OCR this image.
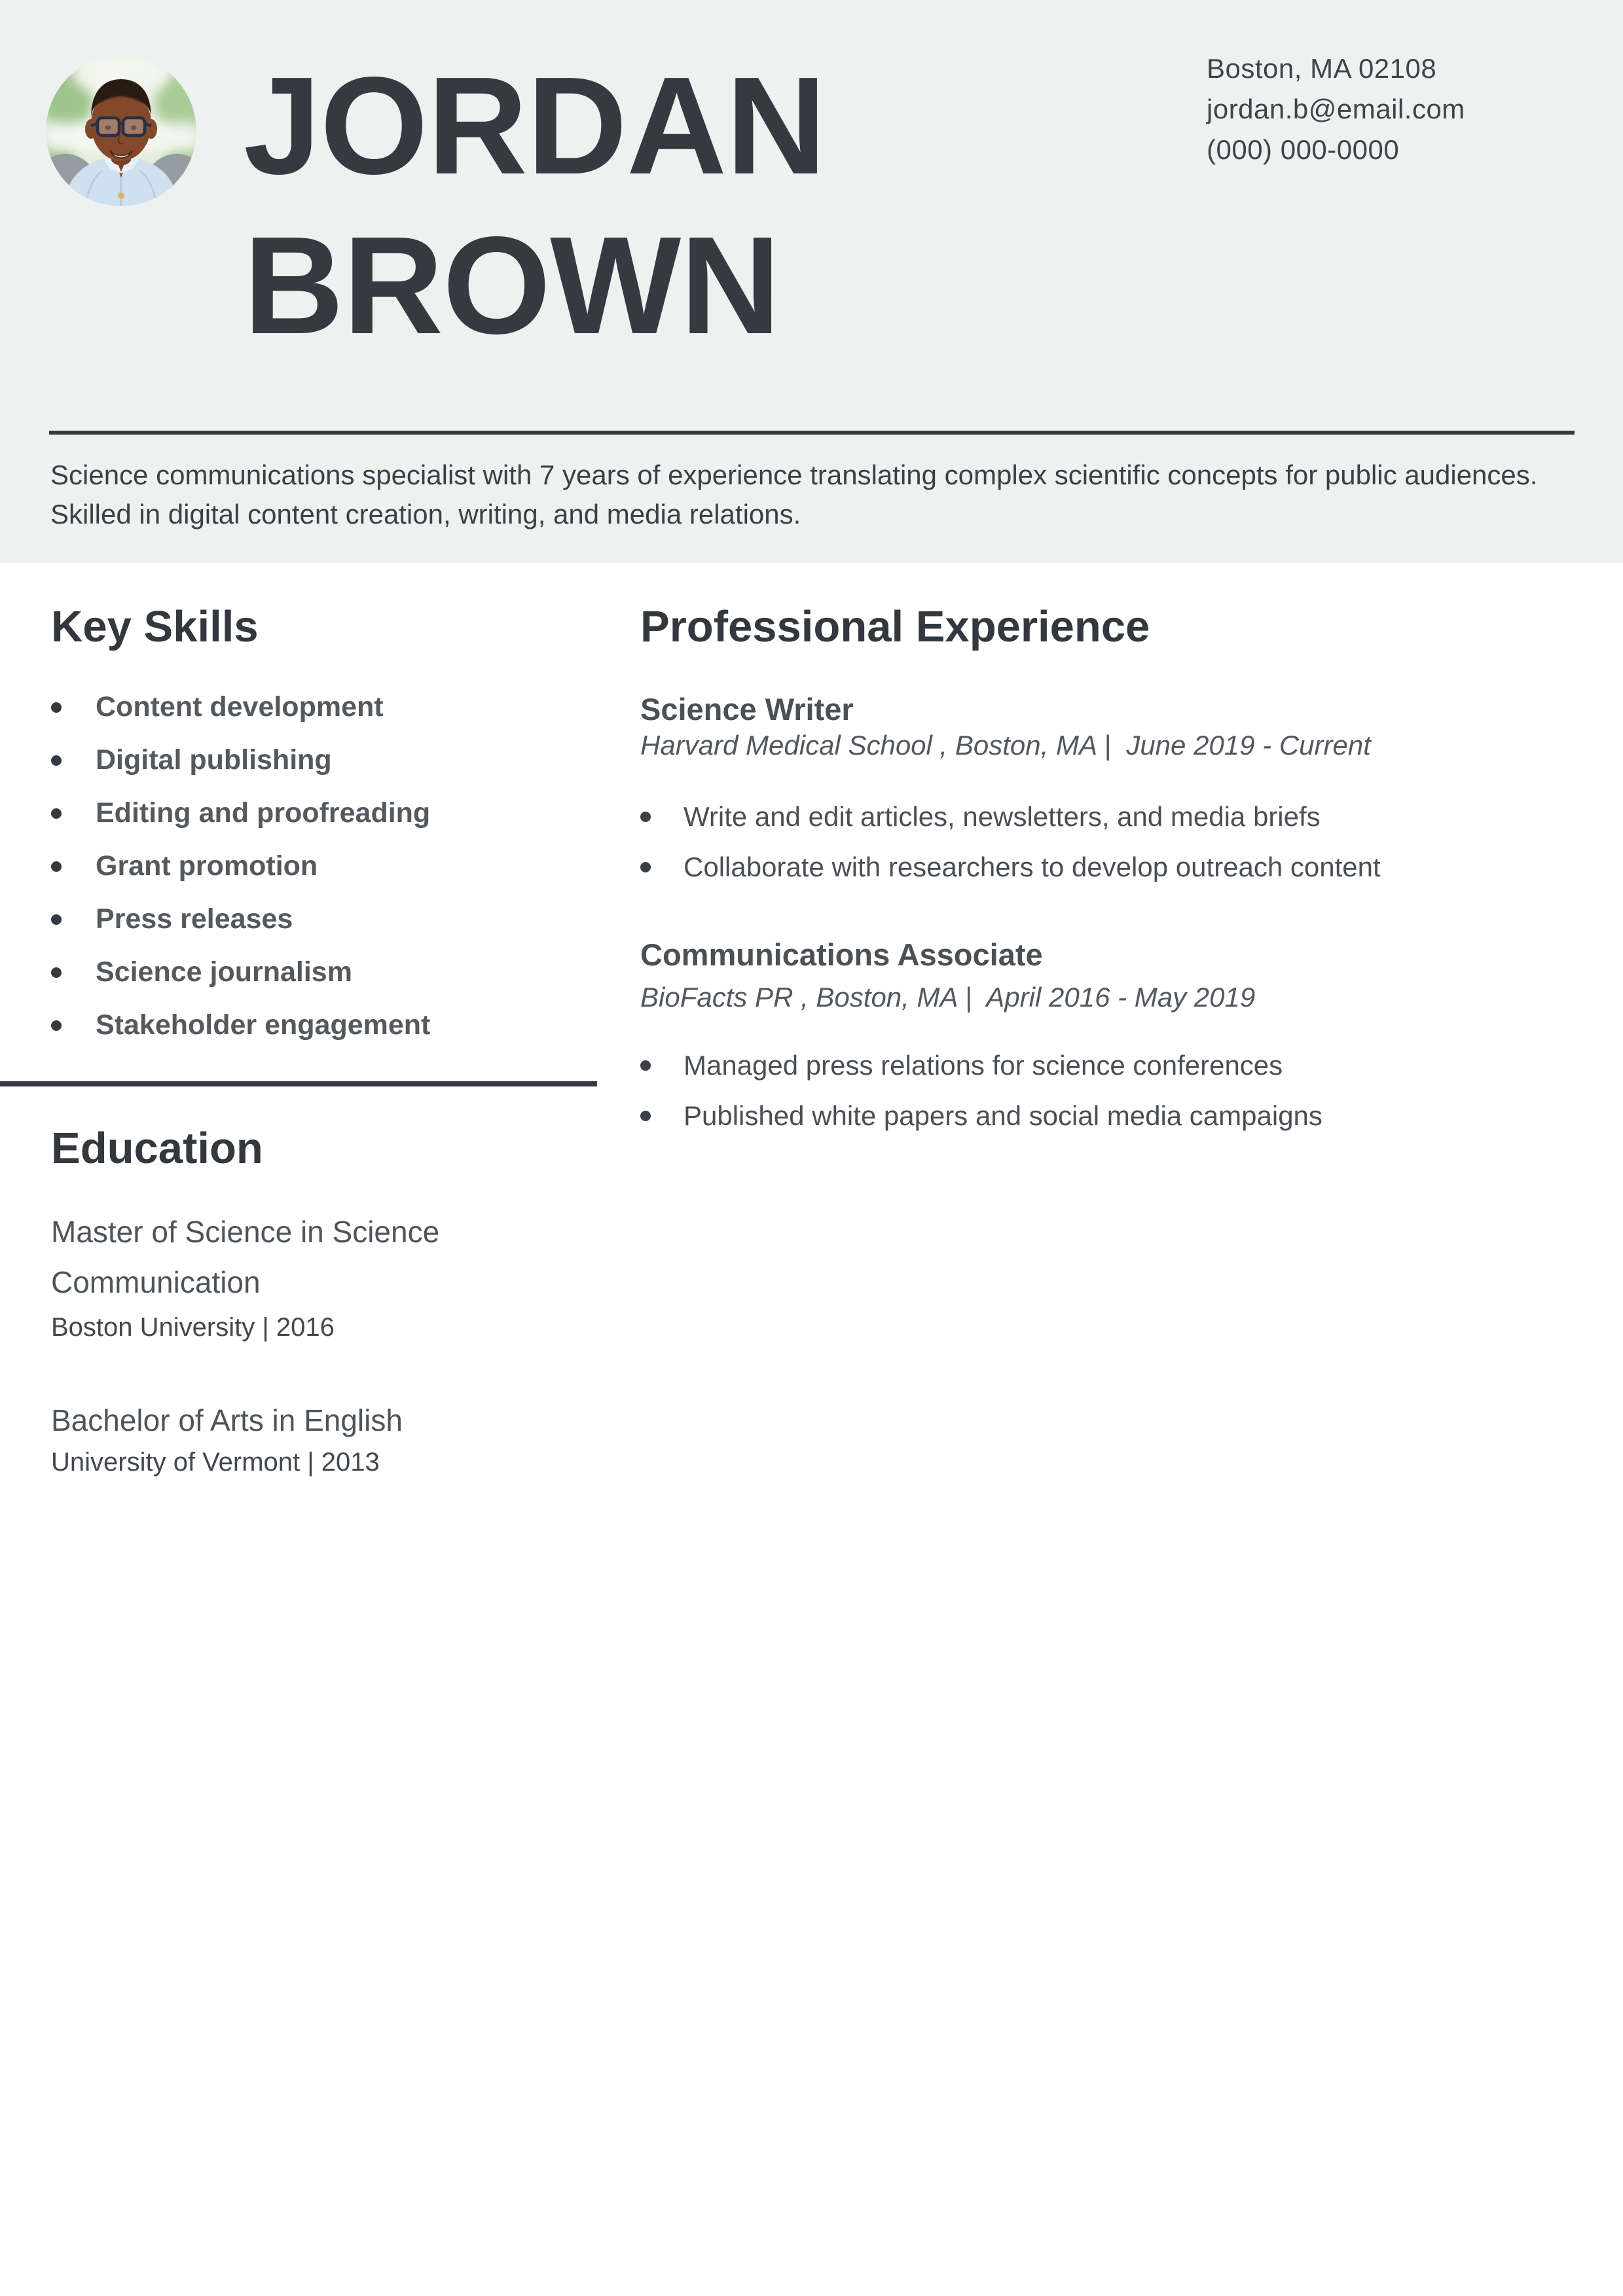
JORDAN
BROWN
Boston, MA 02108
jordan.b@email.com
(000) 000-0000

Science communications specialist with 7 years of experience translating complex scientific concepts for public audiences. Skilled in digital content creation, writing, and media relations.

Key Skills
Content development
Digital publishing
Editing and proofreading
Grant promotion
Press releases
Science journalism
Stakeholder engagement
Education
Master of Science in Science Communication
Boston University | 2016
Bachelor of Arts in English
University of Vermont | 2013
Professional Experience
Science Writer
Harvard Medical School , Boston, MA |  June 2019 - Current
Write and edit articles, newsletters, and media briefs
Collaborate with researchers to develop outreach content
Communications Associate
BioFacts PR , Boston, MA |  April 2016 - May 2019
Managed press relations for science conferences
Published white papers and social media campaigns
